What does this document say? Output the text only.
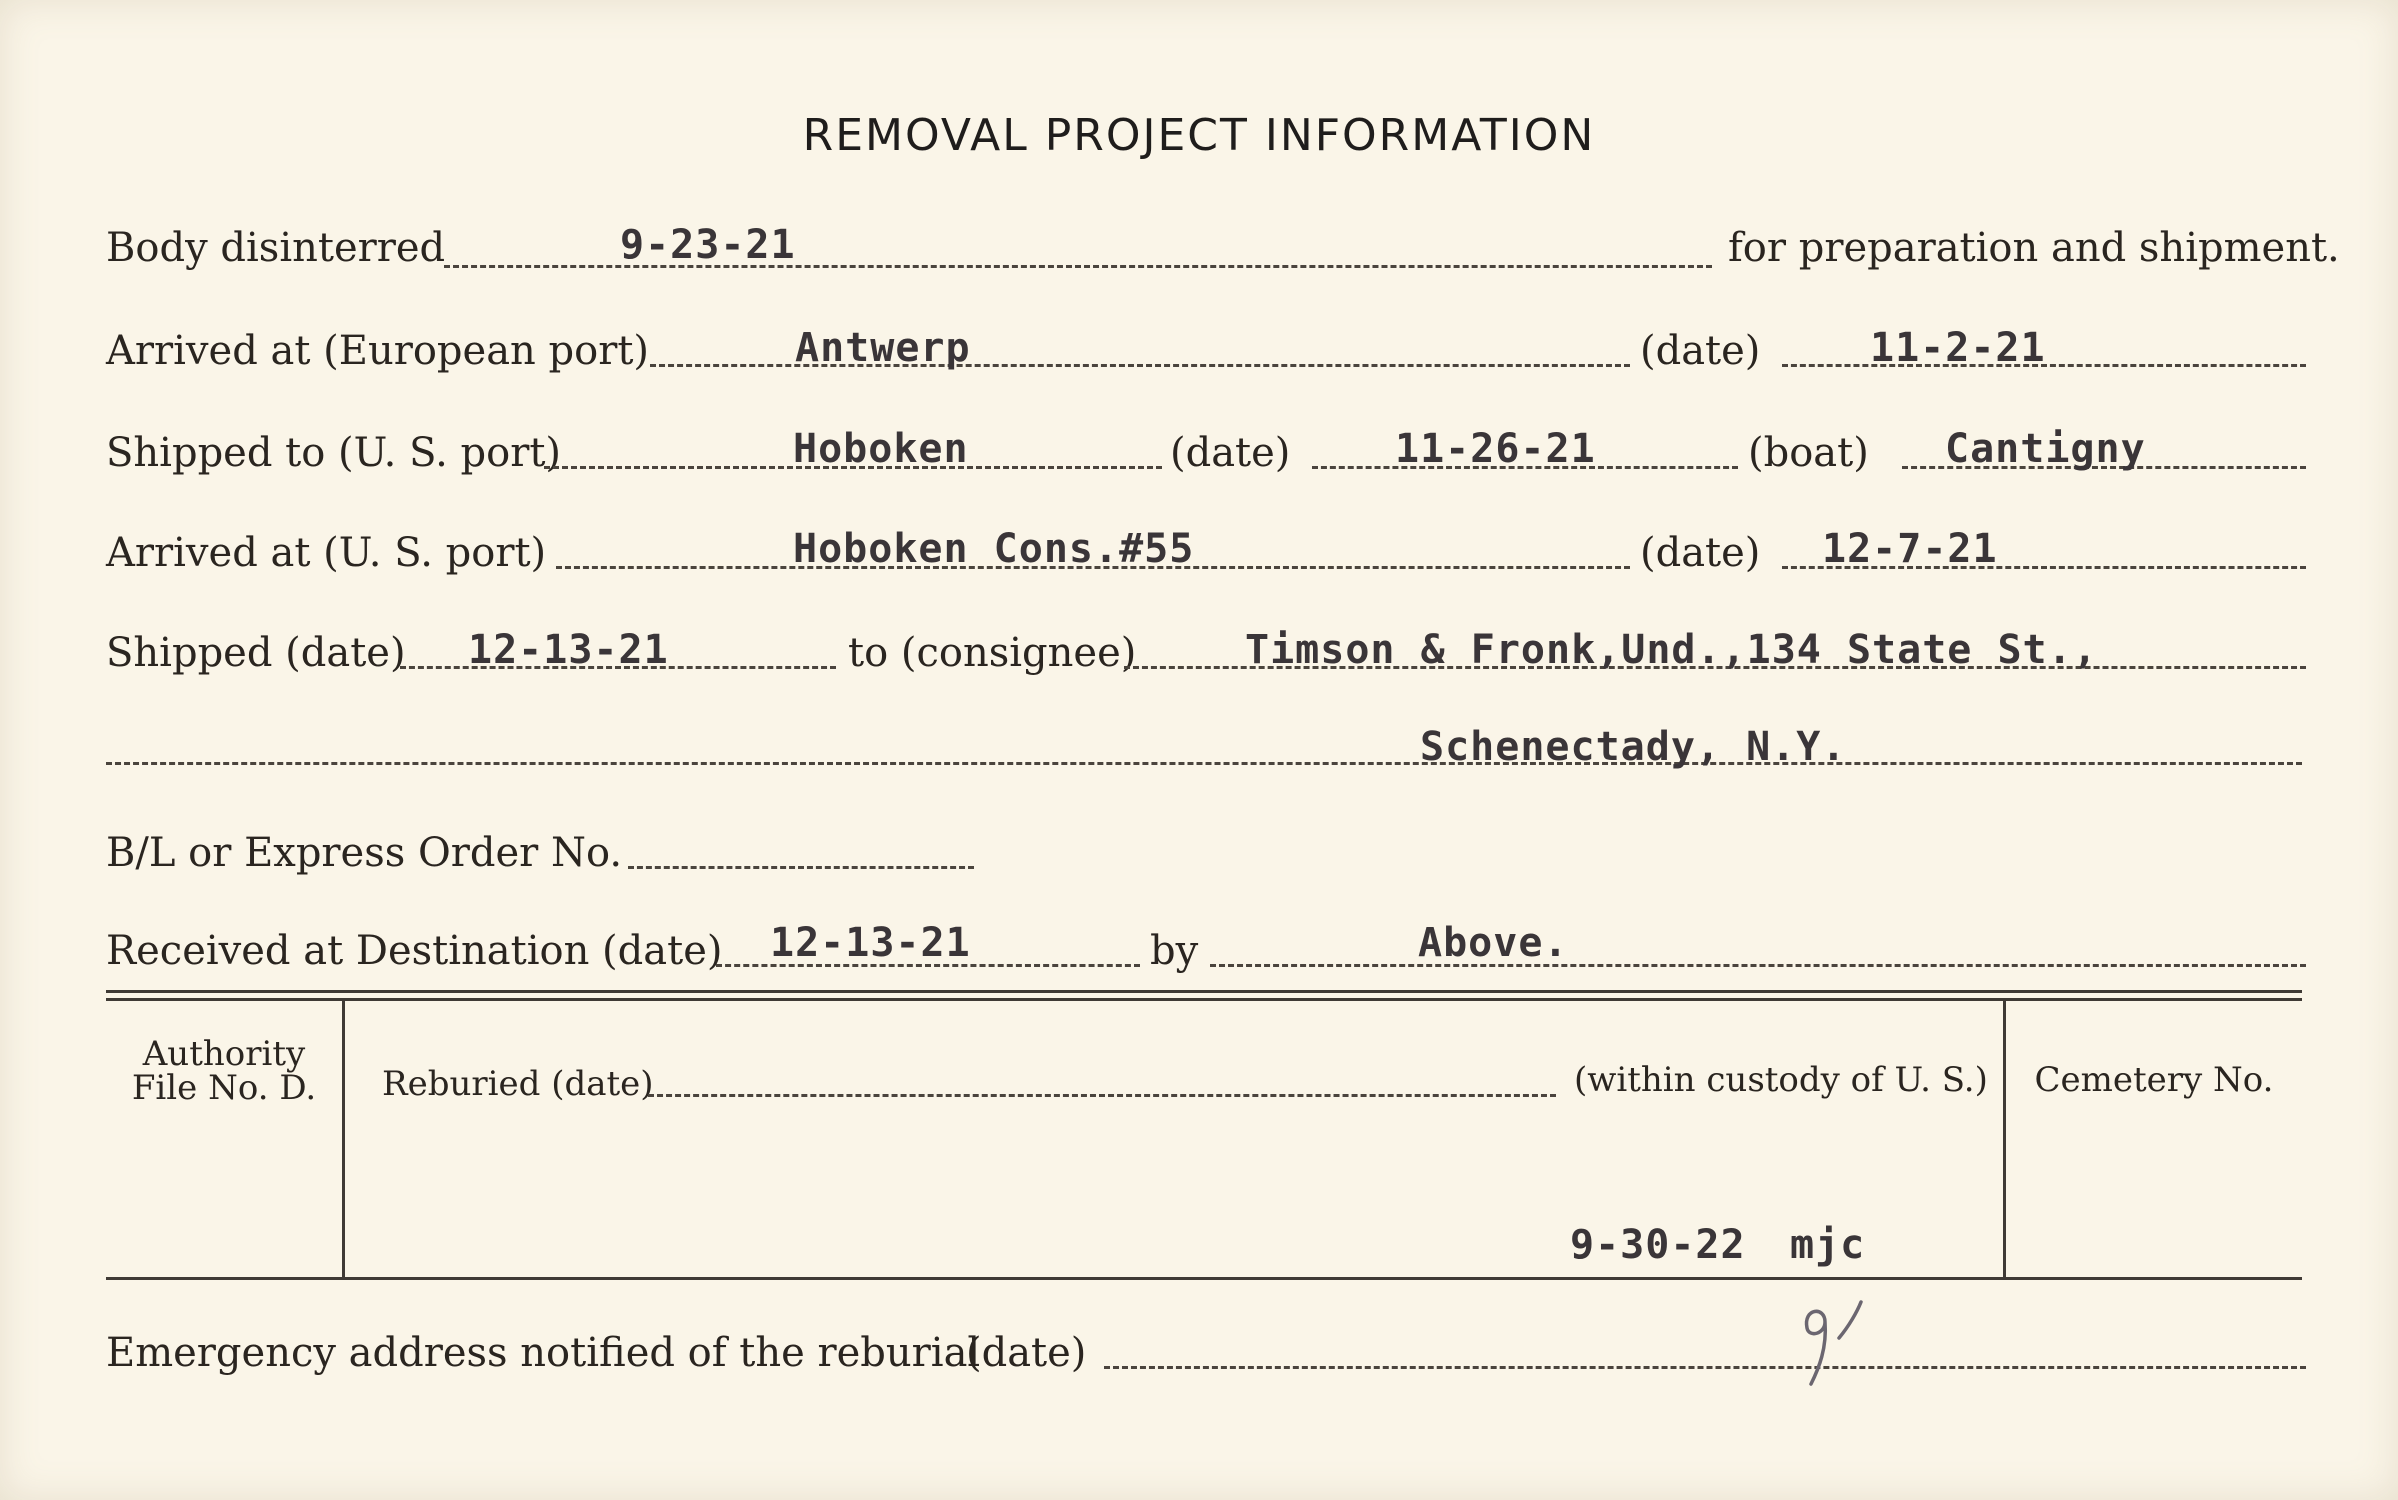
REMOVAL PROJECT INFORMATION
Body disinterred	9-23-21	for preparation and shipment.
Arrived at (European port)	Antwerp	(date)	11-2-21
Shipped to (U. S. port)	Hoboken	(date)	11-26-21	(boat) Cantigny
Arrived at (U. S. port)	Hoboken Cons.#55	(date) 12-7-21
Shipped (date) 12-13-21	to (consignee)	Timson & Fronk,Und.,134 State St.,
Schenectady, N.Y.
B/L or Express Order No.
Received at Destination (date) 12-13-21	by	Above.
Authority
File No. D.	Reburied (date)	(within custody of U. S.)	Cemetery No.
9-30-22 mjc
Emergency address notified of the reburial
(date)
